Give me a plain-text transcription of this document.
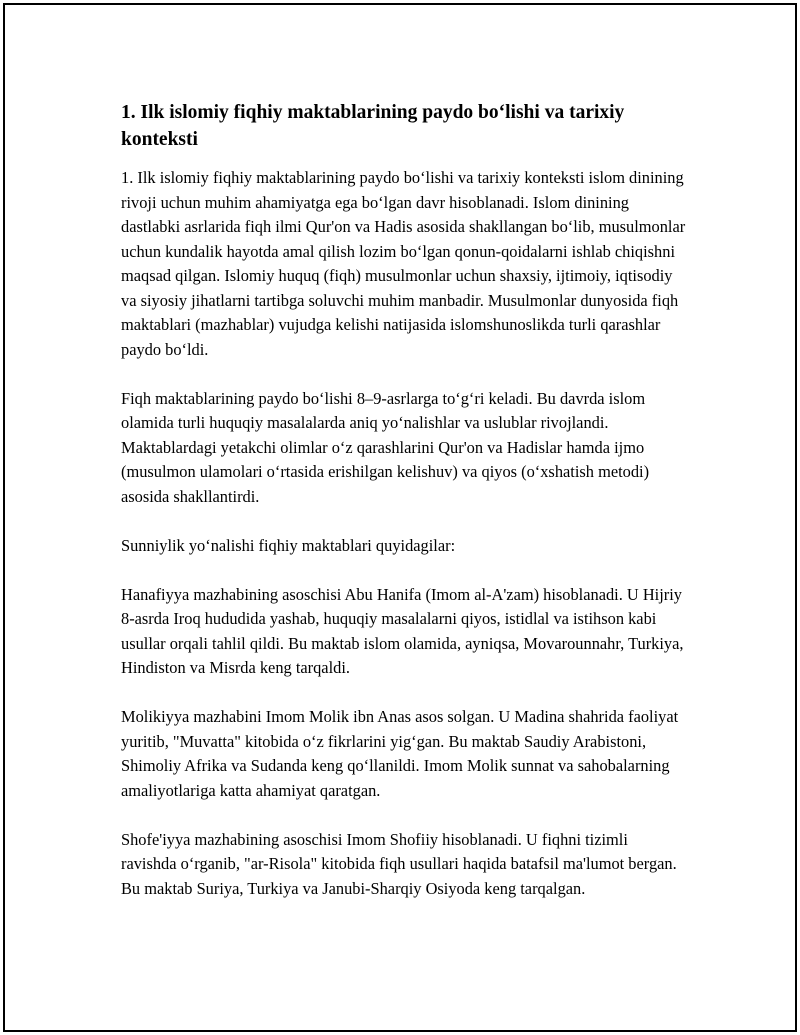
1. Ilk islomiy fiqhiy maktablarining paydo bo‘lishi va tarixiy konteksti

1. Ilk islomiy fiqhiy maktablarining paydo bo‘lishi va tarixiy konteksti islom dinining rivoji uchun muhim ahamiyatga ega bo‘lgan davr hisoblanadi. Islom dinining dastlabki asrlarida fiqh ilmi Qur'on va Hadis asosida shakllangan bo‘lib, musulmonlar uchun kundalik hayotda amal qilish lozim bo‘lgan qonun-qoidalarni ishlab chiqishni maqsad qilgan. Islomiy huquq (fiqh) musulmonlar uchun shaxsiy, ijtimoiy, iqtisodiy va siyosiy jihatlarni tartibga soluvchi muhim manbadir. Musulmonlar dunyosida fiqh maktablari (mazhablar) vujudga kelishi natijasida islomshunoslikda turli qarashlar paydo bo‘ldi.

Fiqh maktablarining paydo bo‘lishi 8–9-asrlarga to‘g‘ri keladi. Bu davrda islom olamida turli huquqiy masalalarda aniq yo‘nalishlar va uslublar rivojlandi. Maktablardagi yetakchi olimlar o‘z qarashlarini Qur'on va Hadislar hamda ijmo (musulmon ulamolari o‘rtasida erishilgan kelishuv) va qiyos (o‘xshatish metodi) asosida shakllantirdi.

Sunniylik yo‘nalishi fiqhiy maktablari quyidagilar:

Hanafiyya mazhabining asoschisi Abu Hanifa (Imom al-A'zam) hisoblanadi. U Hijriy 8-asrda Iroq hududida yashab, huquqiy masalalarni qiyos, istidlal va istihson kabi usullar orqali tahlil qildi. Bu maktab islom olamida, ayniqsa, Movarounnahr, Turkiya, Hindiston va Misrda keng tarqaldi.

Molikiyya mazhabini Imom Molik ibn Anas asos solgan. U Madina shahrida faoliyat yuritib, "Muvatta" kitobida o‘z fikrlarini yig‘gan. Bu maktab Saudiy Arabistoni, Shimoliy Afrika va Sudanda keng qo‘llanildi. Imom Molik sunnat va sahobalarning amaliyotlariga katta ahamiyat qaratgan.

Shofe'iyya mazhabining asoschisi Imom Shofiiy hisoblanadi. U fiqhni tizimli ravishda o‘rganib, "ar-Risola" kitobida fiqh usullari haqida batafsil ma'lumot bergan. Bu maktab Suriya, Turkiya va Janubi-Sharqiy Osiyoda keng tarqalgan.
